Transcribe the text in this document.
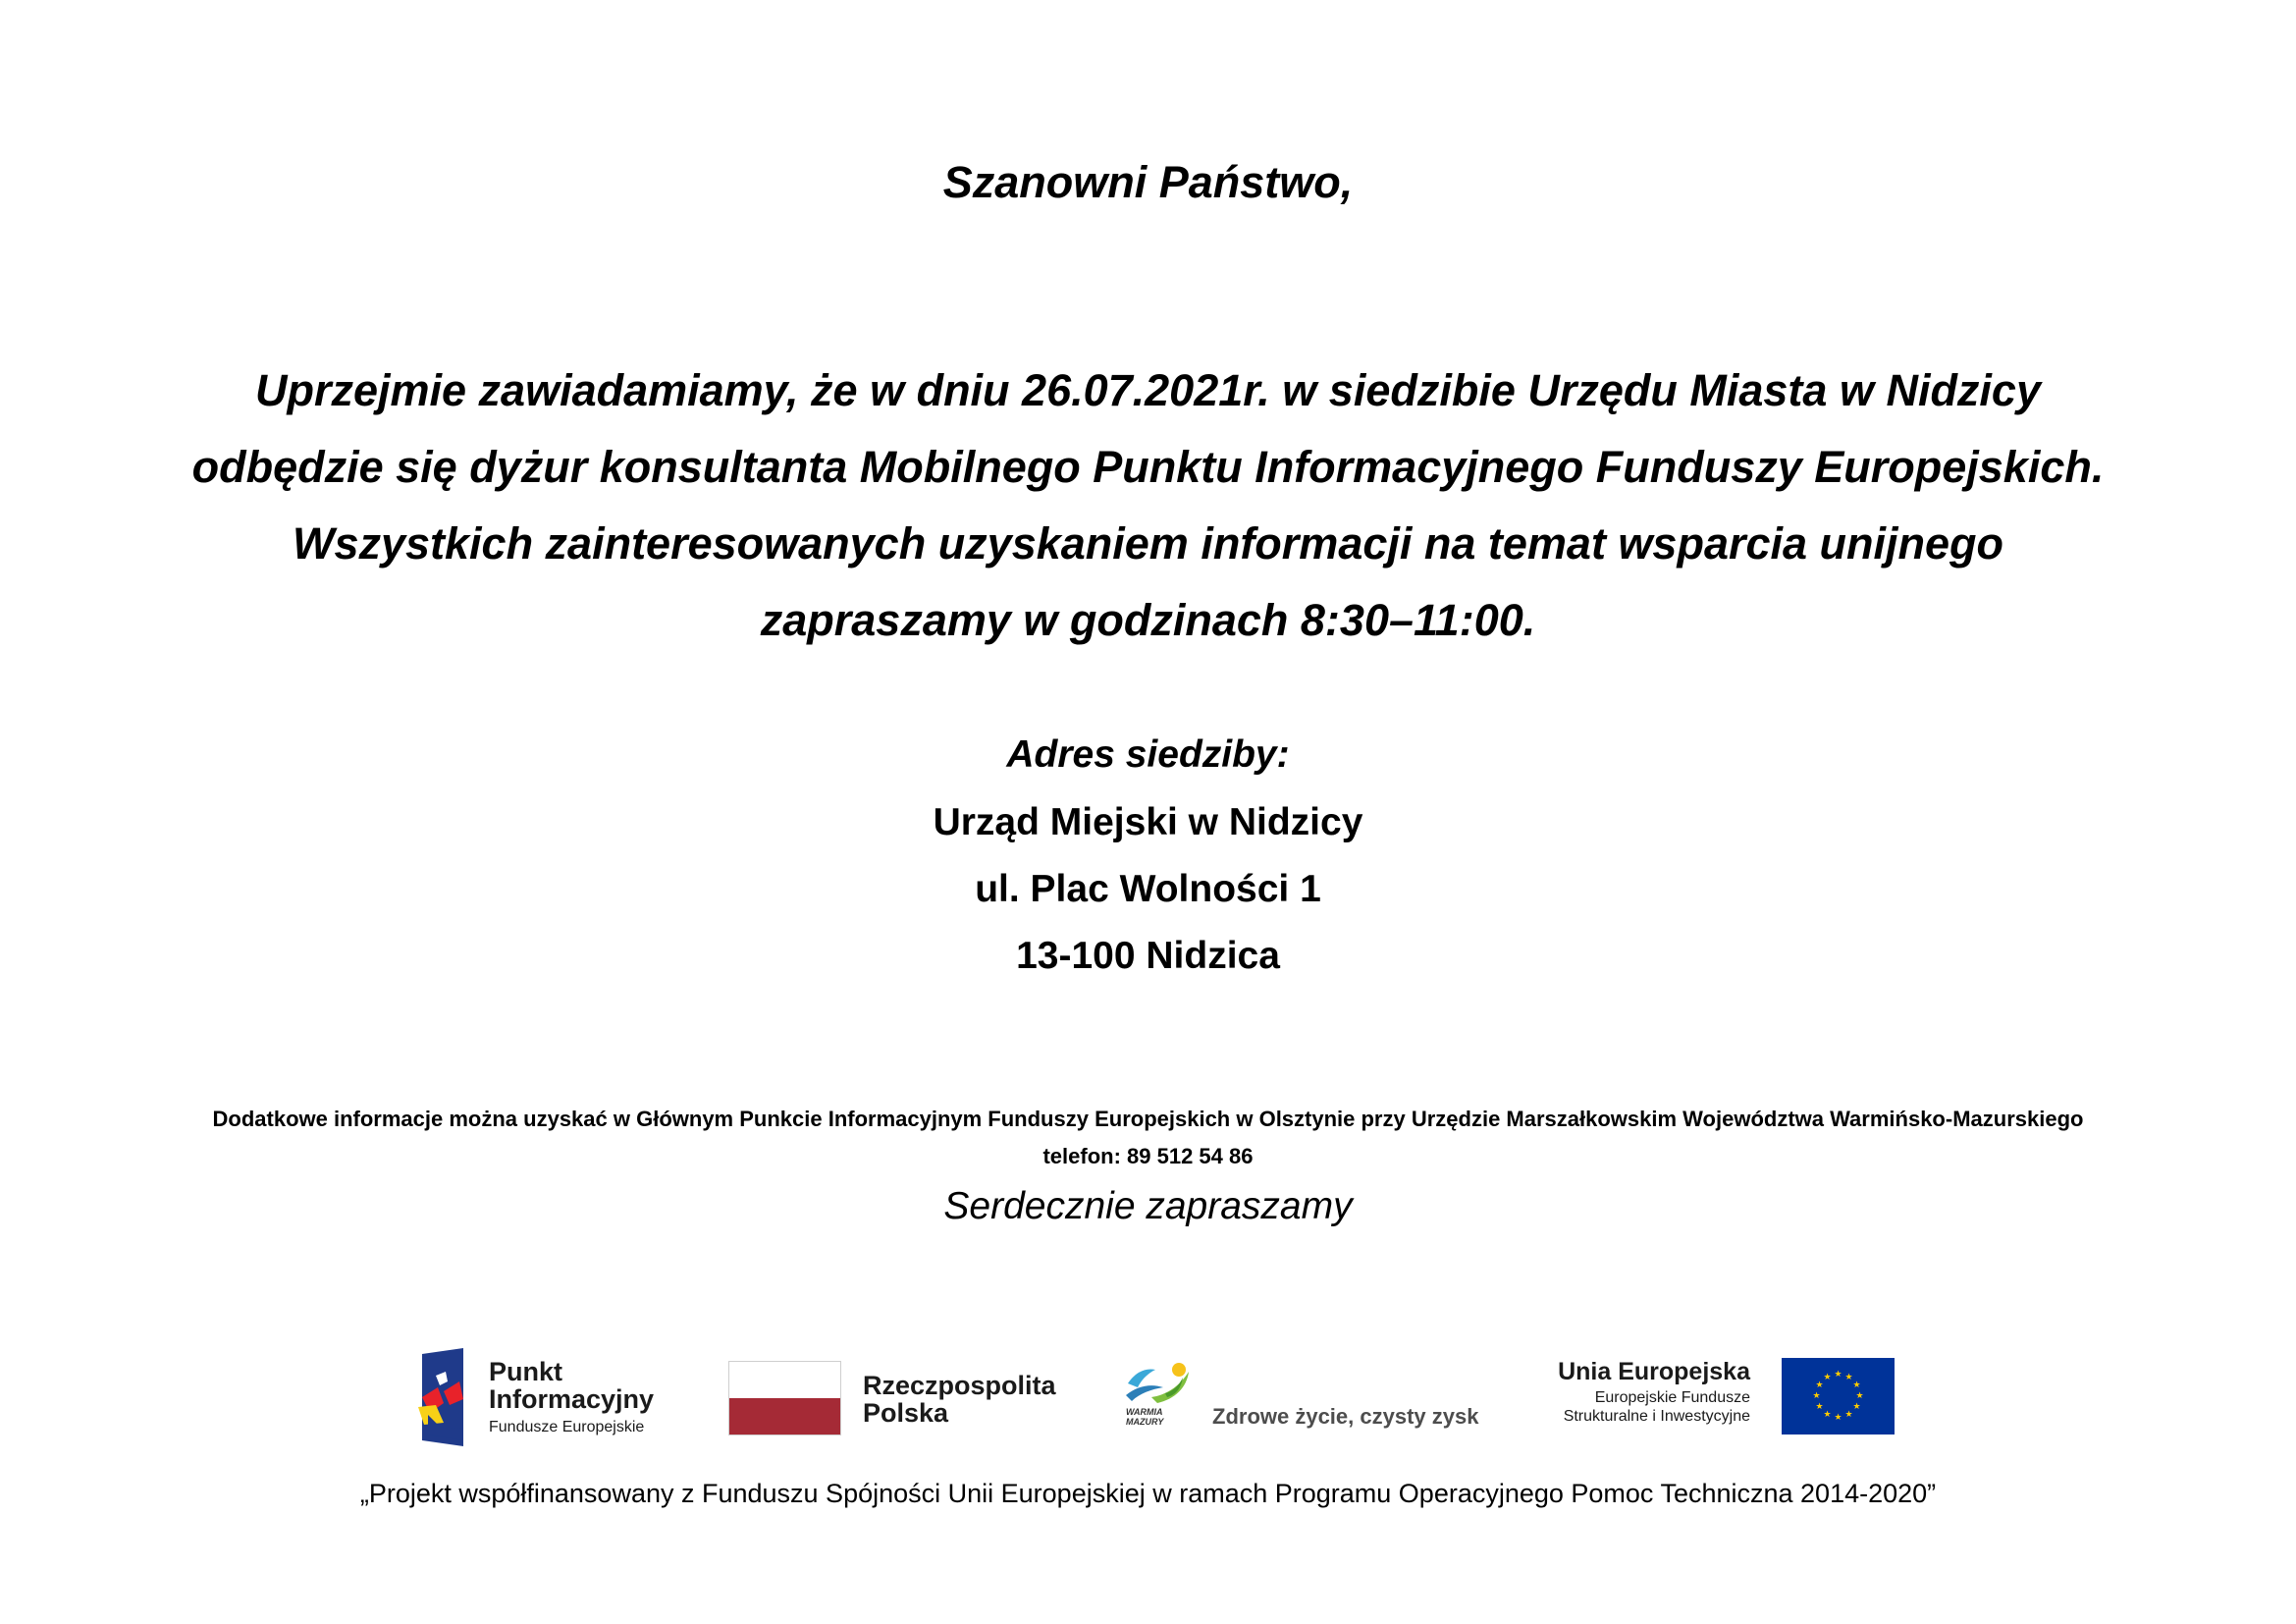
Szanowni Państwo,
Uprzejmie zawiadamiamy, że w dniu 26.07.2021r. w siedzibie Urzędu Miasta w Nidzicy
odbędzie się dyżur konsultanta Mobilnego Punktu Informacyjnego Funduszy Europejskich.
Wszystkich zainteresowanych uzyskaniem informacji na temat wsparcia unijnego
zapraszamy w godzinach 8:30–11:00.
Adres siedziby:
Urząd Miejski w Nidzicy
ul. Plac Wolności 1
13-100 Nidzica
Dodatkowe informacje można uzyskać w Głównym Punkcie Informacyjnym Funduszy Europejskich w Olsztynie przy Urzędzie Marszałkowskim Województwa Warmińsko-Mazurskiego
telefon: 89 512 54 86
Serdecznie zapraszamy
Punkt
Informacyjny
Fundusze Europejskie
Rzeczpospolita
Polska	WARMIA
MAZURY Zdrowe życie, czysty zysk
Unia Europejska
Europejskie Fundusze
Strukturalne i Inwestycyjne
★ ★
★
★
★
★
★
★
★
★
★
★
„Projekt współfinansowany z Funduszu Spójności Unii Europejskiej w ramach Programu Operacyjnego Pomoc Techniczna 2014-2020”
